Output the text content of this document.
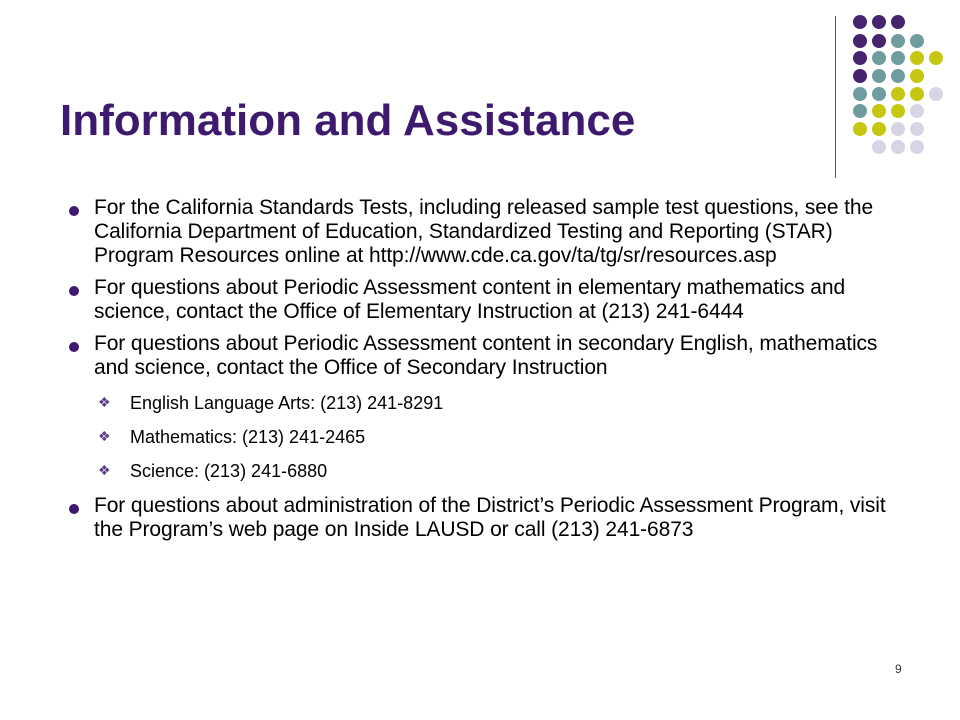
Information and Assistance
For the California Standards Tests, including released sample test questions, see the California Department of Education, Standardized Testing and Reporting (STAR) Program Resources online at http://www.cde.ca.gov/ta/tg/sr/resources.asp
For questions about Periodic Assessment content in elementary mathematics and science, contact the Office of Elementary Instruction at (213) 241-6444
For questions about Periodic Assessment content in secondary English, mathematics and science, contact the Office of Secondary Instruction
❖ English Language Arts: (213) 241-8291
❖ Mathematics: (213) 241-2465
❖ Science: (213) 241-6880
For questions about administration of the District’s Periodic Assessment Program, visit the Program’s web page on Inside LAUSD or call (213) 241-6873
9
